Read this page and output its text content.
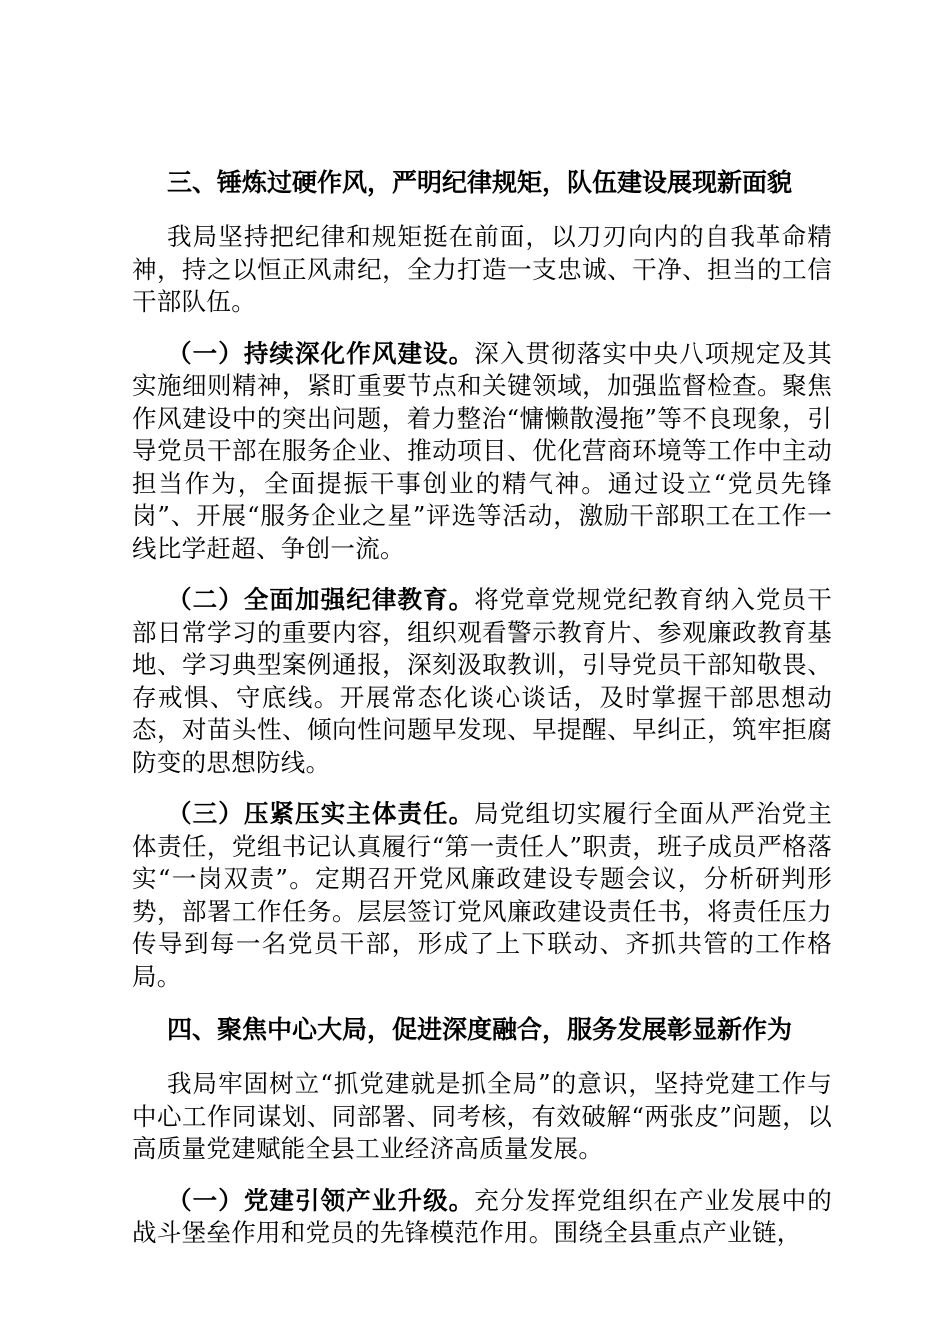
三、锤炼过硬作风，严明纪律规矩，队伍建设展现新面貌

我局坚持把纪律和规矩挺在前面，以刀刃向内的自我革命精神，持之以恒正风肃纪，全力打造一支忠诚、干净、担当的工信干部队伍。

（一）持续深化作风建设。深入贯彻落实中央八项规定及其实施细则精神，紧盯重要节点和关键领域，加强监督检查。聚焦作风建设中的突出问题，着力整治“慵懒散漫拖”等不良现象，引导党员干部在服务企业、推动项目、优化营商环境等工作中主动担当作为，全面提振干事创业的精气神。通过设立“党员先锋岗”、开展“服务企业之星”评选等活动，激励干部职工在工作一线比学赶超、争创一流。

（二）全面加强纪律教育。将党章党规党纪教育纳入党员干部日常学习的重要内容，组织观看警示教育片、参观廉政教育基地、学习典型案例通报，深刻汲取教训，引导党员干部知敬畏、存戒惧、守底线。开展常态化谈心谈话，及时掌握干部思想动态，对苗头性、倾向性问题早发现、早提醒、早纠正，筑牢拒腐防变的思想防线。

（三）压紧压实主体责任。局党组切实履行全面从严治党主体责任，党组书记认真履行“第一责任人”职责，班子成员严格落实“一岗双责”。定期召开党风廉政建设专题会议，分析研判形势，部署工作任务。层层签订党风廉政建设责任书，将责任压力传导到每一名党员干部，形成了上下联动、齐抓共管的工作格局。

四、聚焦中心大局，促进深度融合，服务发展彰显新作为

我局牢固树立“抓党建就是抓全局”的意识，坚持党建工作与中心工作同谋划、同部署、同考核，有效破解“两张皮”问题，以高质量党建赋能全县工业经济高质量发展。

（一）党建引领产业升级。充分发挥党组织在产业发展中的战斗堡垒作用和党员的先锋模范作用。围绕全县重点产业链，
